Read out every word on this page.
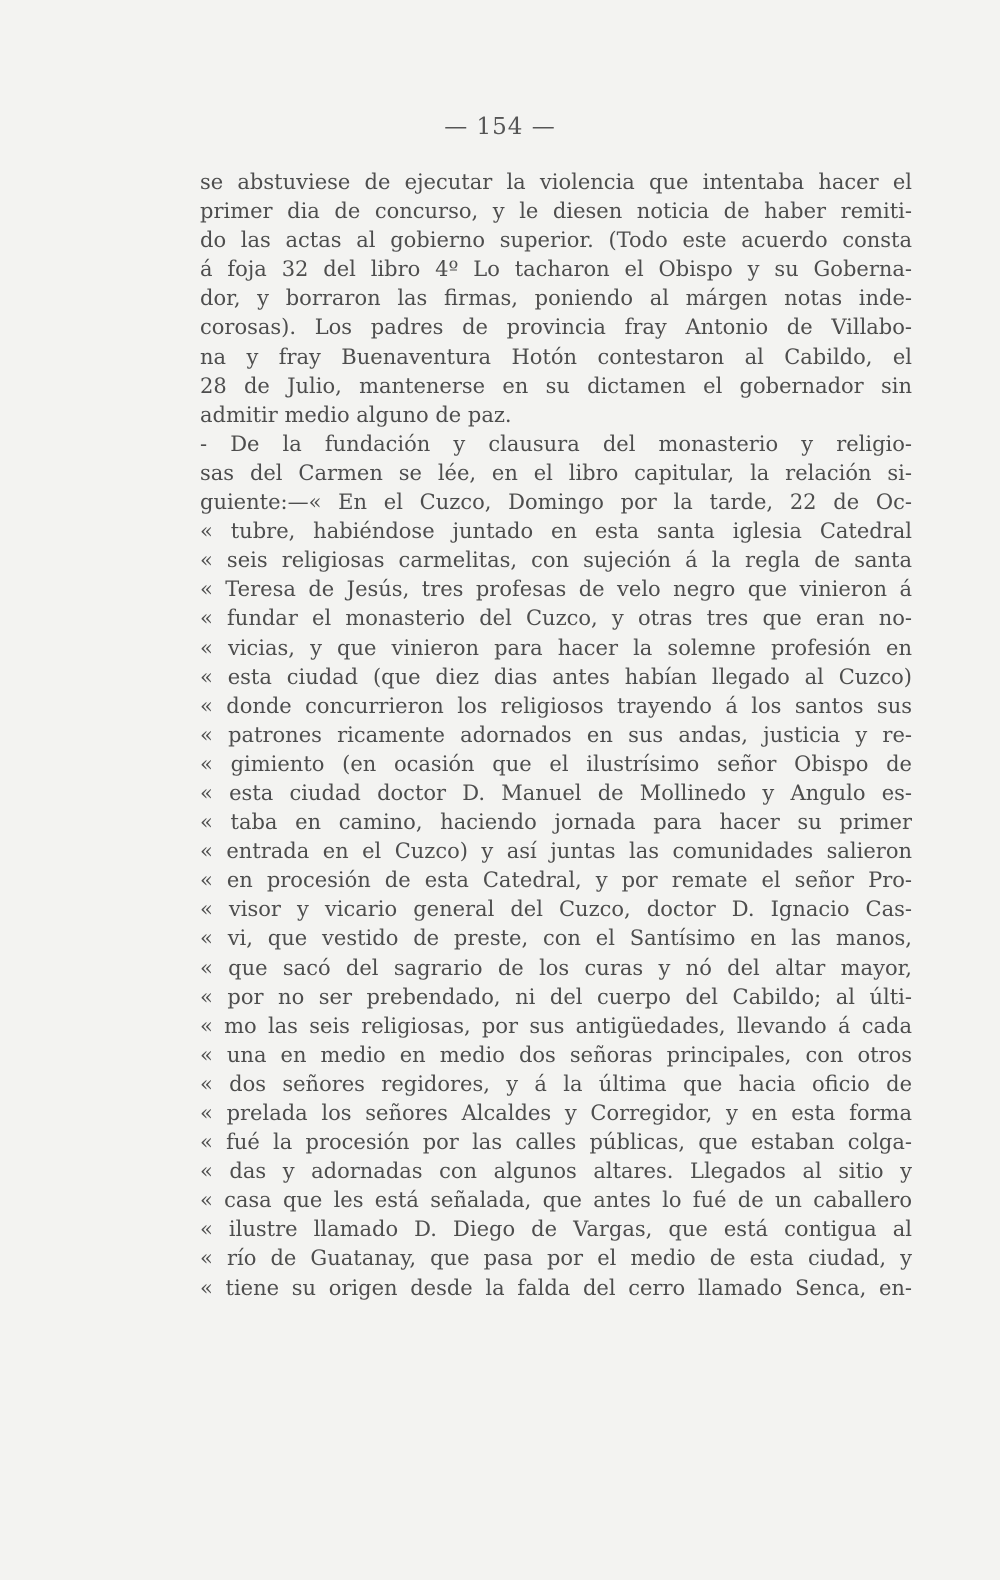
— 154 —
se abstuviese de ejecutar la violencia que intentaba hacer el
primer dia de concurso, y le diesen noticia de haber remiti-
do las actas al gobierno superior. (Todo este acuerdo consta
á foja 32 del libro 4º Lo tacharon el Obispo y su Goberna-
dor, y borraron las firmas, poniendo al márgen notas inde-
corosas). Los padres de provincia fray Antonio de Villabo-
na y fray Buenaventura Hotón contestaron al Cabildo, el
28 de Julio, mantenerse en su dictamen el gobernador sin
admitir medio alguno de paz.
- De la fundación y clausura del monasterio y religio-
sas del Carmen se lée, en el libro capitular, la relación si-
guiente:—« En el Cuzco, Domingo por la tarde, 22 de Oc-
« tubre, habiéndose juntado en esta santa iglesia Catedral
« seis religiosas carmelitas, con sujeción á la regla de santa
« Teresa de Jesús, tres profesas de velo negro que vinieron á
« fundar el monasterio del Cuzco, y otras tres que eran no-
« vicias, y que vinieron para hacer la solemne profesión en
« esta ciudad (que diez dias antes habían llegado al Cuzco)
« donde concurrieron los religiosos trayendo á los santos sus
« patrones ricamente adornados en sus andas, justicia y re-
« gimiento (en ocasión que el ilustrísimo señor Obispo de
« esta ciudad doctor D. Manuel de Mollinedo y Angulo es-
« taba en camino, haciendo jornada para hacer su primer
« entrada en el Cuzco) y así juntas las comunidades salieron
« en procesión de esta Catedral, y por remate el señor Pro-
« visor y vicario general del Cuzco, doctor D. Ignacio Cas-
« vi, que vestido de preste, con el Santísimo en las manos,
« que sacó del sagrario de los curas y nó del altar mayor,
« por no ser prebendado, ni del cuerpo del Cabildo; al últi-
« mo las seis religiosas, por sus antigüedades, llevando á cada
« una en medio en medio dos señoras principales, con otros
« dos señores regidores, y á la última que hacia oficio de
« prelada los señores Alcaldes y Corregidor, y en esta forma
« fué la procesión por las calles públicas, que estaban colga-
« das y adornadas con algunos altares. Llegados al sitio y
« casa que les está señalada, que antes lo fué de un caballero
« ilustre llamado D. Diego de Vargas, que está contigua al
« río de Guatanay, que pasa por el medio de esta ciudad, y
« tiene su origen desde la falda del cerro llamado Senca, en-
